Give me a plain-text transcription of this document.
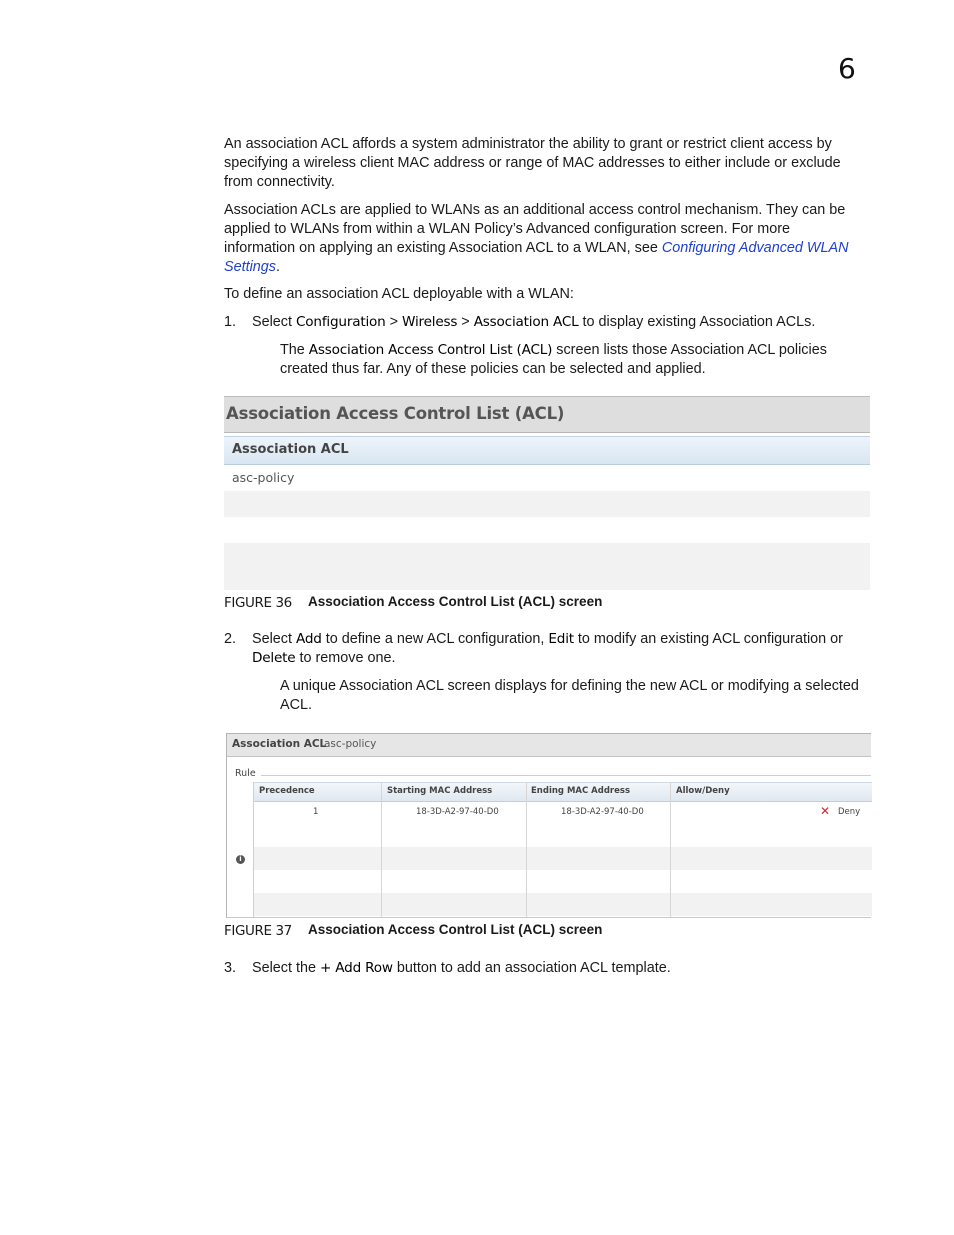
6

An association ACL affords a system administrator the ability to grant or restrict client access by specifying a wireless client MAC address or range of MAC addresses to either include or exclude from connectivity.

Association ACLs are applied to WLANs as an additional access control mechanism. They can be applied to WLANs from within a WLAN Policy’s Advanced configuration screen. For more information on applying an existing Association ACL to a WLAN, see Configuring Advanced WLAN Settings.

To define an association ACL deployable with a WLAN:

1. Select Configuration > Wireless > Association ACL to display existing Association ACLs.

The Association Access Control List (ACL) screen lists those Association ACL policies created thus far. Any of these policies can be selected and applied.

Association Access Control List (ACL)
Association ACL
asc-policy
FIGURE 36 Association Access Control List (ACL) screen
2. Select Add to define a new ACL configuration, Edit to modify an existing ACL configuration or Delete to remove one.

A unique Association ACL screen displays for defining the new ACL or modifying a selected ACL.

Association ACL
asc-policy
Rule
i
Precedence	Starting MAC Address	Ending MAC Address	Allow/Deny
1	18-3D-A2-97-40-D0	18-3D-A2-97-40-D0	✕ Deny
FIGURE 37 Association Access Control List (ACL) screen
3. Select the + Add Row button to add an association ACL template.
